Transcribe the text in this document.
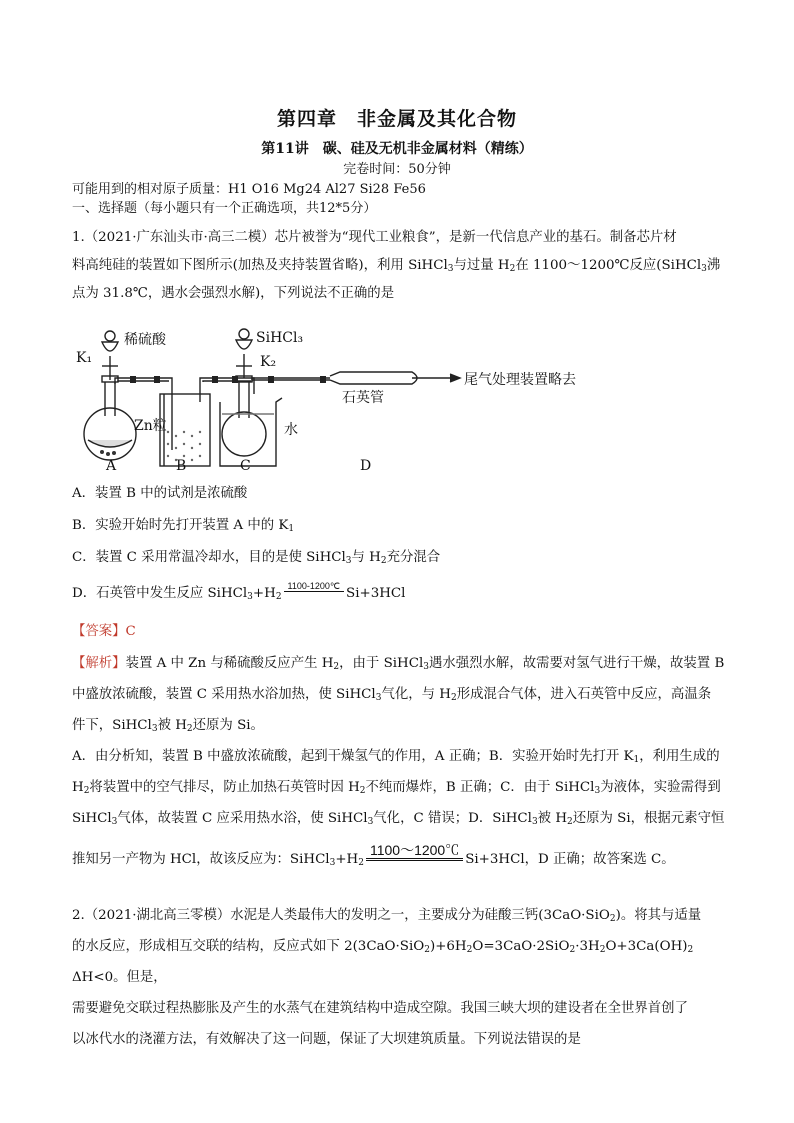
第四章　非金属及其化合物
第11讲　碳、硅及无机非金属材料（精练）
完卷时间：50分钟
可能用到的相对原子质量：H1 O16 Mg24 Al27 Si28 Fe56
一、选择题（每小题只有一个正确选项，共12*5分）
1.（2021·广东汕头市·高三二模）芯片被誉为“现代工业粮食”，是新一代信息产业的基石。制备芯片材
料高纯硅的装置如下图所示(加热及夹持装置省略)，利用 SiHCl$_3$与过量 $H_2$在 1100～1200℃反应(SiHCl$_3$沸
点为 31.8℃，遇水会强烈水解)，下列说法不正确的是
稀硫酸	SiHCl₃
K₁	K₂
Zn粒	水
石英管
尾气处理装置略去
A	B	C	D
A．装置 B 中的试剂是浓硫酸
B．实验开始时先打开装置 A 中的 $K_1$
C．装置 C 采用常温冷却水，目的是使 SiHCl$_3$与 $H_2$充分混合
D．石英管中发生反应 $SiHCl_3+H_2$
1100-1200℃ Si+3HCl
【答案】C
【解析】装置 A 中 Zn 与稀硫酸反应产生 $H_2$，由于 SiHCl$_3$遇水强烈水解，故需要对氢气进行干燥，故装置 B
中盛放浓硫酸，装置 C 采用热水浴加热，使 SiHCl$_3$气化，与 $H_2$形成混合气体，进入石英管中反应，高温条
件下，SiHCl$_3$被 $H_2$还原为 Si。
A．由分析知，装置 B 中盛放浓硫酸，起到干燥氢气的作用，A 正确；B．实验开始时先打开 $K_1$，利用生成的
$H_2$将装置中的空气排尽，防止加热石英管时因 $H_2$不纯而爆炸，B 正确；C．由于 SiHCl$_3$为液体，实验需得到
SiHCl$_3$气体，故装置 C 应采用热水浴，使 SiHCl$_3$气化，C 错误；D．SiHCl$_3$被 $H_2$还原为 Si，根据元素守恒
推知另一产物为 HCl，故该反应为：$SiHCl_3+H_2$
1100～1200℃
Si+3HCl，D 正确；故答案选 C。
2.（2021·湖北高三零模）水泥是人类最伟大的发明之一，主要成分为硅酸三钙(3CaO·SiO$_2$)。将其与适量
的水反应，形成相互交联的结构，反应式如下 $2(3CaO\cdot SiO_2)+6H_2O=3CaO\cdot 2SiO_2\cdot 3H_2O+3Ca(OH)_2$ ΔH<0。但是，
需要避免交联过程热膨胀及产生的水蒸气在建筑结构中造成空隙。我国三峡大坝的建设者在全世界首创了
以冰代水的浇灌方法，有效解决了这一问题，保证了大坝建筑质量。下列说法错误的是
